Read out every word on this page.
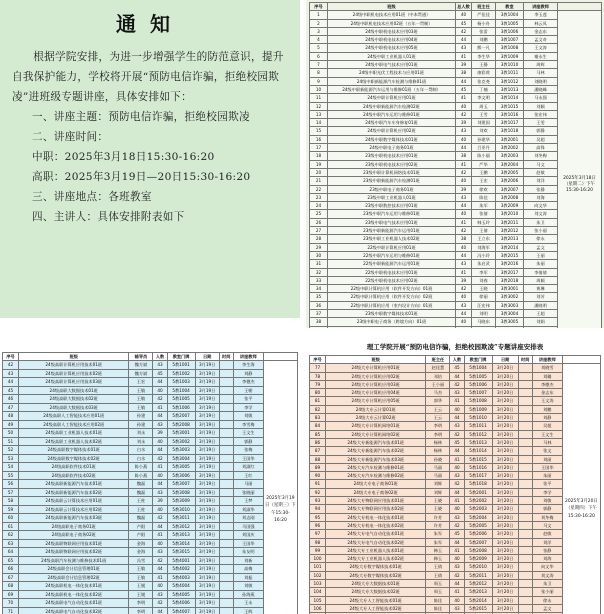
通知

根据学院安排，为进一步增强学生的防范意识，提升自我保护能力，学校将开展“预防电信诈骗，拒绝校园欺凌”进班级专题讲座，具体安排如下：

一、讲座主题：预防电信诈骗，拒绝校园欺凌

二、讲座时间：

中职：2025年3月18日15:30-16:20

高职：2025年3月19日—20日15:30-16:20

三、讲座地点：各班教室

四、主讲人：具体安排附表如下

序号	班级	总人数	班主任	教室	讲座教师	
1	24级中职机电技术应用01班（中本贯通）	40	严佳佳	3教1004	李玉莲	2025年3月18日（星期二）下午15:30-16:20
2	24级中职机电技术应用02班（五年一贯制）	45	杨小舟	3教1005	林云凤	
3	24级中职机电技术应用03班	42	张雷	3教1006	金志东	
4	24级中职机电技术应用04班	44	刘鹏	3教1007	孟文奇	
5	24级中职机电技术应用05班	43	熊一凡	3教1008	王文涛	
6	24级中职工业机器人01班	41	李生华	3教1009	谢永生	
7	24级中职电气技术应用01班	39	王静	3教1010	周辉	
8	24级中职光伏工程技术与应用01班	38	康彩荷	3教1011	马林	
9	24级中职新能源汽车检测与维修01班	44	张克尧	3教1012	刘晓明	
10	24级中职新能源汽车运用与维修01班（五年一贯制）	45	丁楠	3教1013	潘晓峰	
11	24级中职计算机应用01班	41	李文明	3教1014	马永强	
12	24级中职新能源汽车检测02班	40	周玉	3教1015	刘颖	
13	24级中职汽车运用与维修01班	42	王雪	3教1016	张宏伟	
14	24级中职汽车车身修复01班	39	刘建国	3教1017	王雯	
15	24级中职计算机应用02班	43	刘欢	3教1018	郭静	
16	24级中职数字媒体技术01班	40	孙建华	3教2001	吴超	
17	24级中职电子商务01班	44	吕亚丹	3教2002	高锋	
18	23级中职机电技术应用01班	38	陈小丽	3教2003	刘冬梅	
19	23级中职机电技术应用02班	41	严华	3教2004	马文	
20	23级中职计算机网络技术01班	42	王鹏	3教2005	赵敏	
21	23级中职新能源汽车检测01班	40	王宏	3教2006	刘洋	
22	23级中职电子商务01班	39	徐欢	3教2007	张静	
23	23级中职工业机器人01班	43	陈佳	3教2008	刘海	
24	23级中职数控技术应用01班	44	朱军	3教2009	向文华	
25	23级中职汽车运用与维修01班	40	张倩	3教2010	刘文涛	
26	23级中职电气技术应用01班	41	韩玉玲	3教2011	朱卫	
27	23级中职新能源汽车运用01班	42	王倩	3教2012	张小丽	
28	23级中职工业机器人技术02班	38	王立东	3教2013	徐永	
29	22级中职计算机应用01班	40	刘海军	3教2014	孟文	
30	22级中职汽车运用与维修01班	44	冯小玲	3教2015	王丽	
31	22级中职新能源汽车运用01班	43	朱启武	3教2016	朱丽	
32	22级中职机电技术应用01班	41	李军	3教2017	李倩倩	
33	22级中职机电技术应用02班	39	刘春	3教2018	周颖	
34	22级中职计算机应用（软件开发方向）01班	42	王晓	3教3001	黄琳	
35	22级中职计算机应用（软件开发方向）02班	40	徐丽	3教3002	刘芳	
36	22级中职计算机应用（室内设计方向）01班	43	汪宏伟	3教3003	潘晓明	
37	23级中职数字媒体技术01班	44	刘明	3教3004	王超	
38	23级中职电子商务（跨境方向）01班	40	马晓东	3教3005	刘娟	

序号	班级	辅导员	人数	教室门牌	日期	时间	讲座教师	
42	24级高职计算机应用技术01班	魏方斌	43	5教1001	3月19日		李生海	2025年3月19日（星期三）下午15:30-16:20
43	24级高职计算机应用技术02班	魏方斌	45	5教1002	3月19日		刘静	
44	24级高职计算机应用技术03班	王宏	44	5教1003	3月19日		李德杰	
45	24级高职大数据技术01班	王敏	40	5教1004	3月19日		王朝	
46	24级高职大数据技术02班	王敏	42	5教1005	3月19日		张平	
47	24级高职大数据技术03班	王敏	41	5教1006	3月19日		李学	
48	24级高职人工智能技术应用01班	孙建	44	5教2007	3月19日		刘敏	
49	24级高职人工智能技术应用02班	孙建	43	5教2008	3月19日		李雪梅	
50	24级高职工业机器人技术01班	刘永	39	5教3001	3月19日		王文生	
51	24级高职工业机器人技术02班	刘永	40	5教3002	3月19日		郭静	
52	24级高职数字媒体技术01班	白水	44	5教3003	3月19日		张梅	
53	24级高职数字媒体技术02班	白水	42	5教3004	3月19日		王国华	
54	24级高职软件技术01班	陈小燕	41	5教3005	3月19日		刘淑红	
55	24级高职软件技术02班	陈小燕	40	5教3006	3月19日		王红	
56	24级高职新能源汽车技术01班	魏磊	44	5教3007	3月19日		马丽	
57	24级高职新能源汽车技术02班	魏磊	43	5教3008	3月19日		张晓丽	
58	24级高职云计算技术应用01班	王柱	39	5教3009	3月19日		王梦	
59	24级高职云计算技术应用02班	王柱	40	5教3010	3月19日		刘淑华	
60	24级高职新能源汽车技术03班	魏磊	42	5教3011	3月19日		刘志刚	
61	24级高职电子商务01班	卢阳	44	5教3012	3月19日		马国强	
62	24级高职电子商务02班	卢阳	41	5教3013	3月19日		刘国庆	
63	24级高职物联网应用技术01班	金海	40	5教3014	3月19日		王国华	
64	24级高职物联网应用技术02班	金海	43	5教3015	3月19日		朱友明	
65	24级高职汽车检测与维修技术01班	冯雪	42	5教4001	3月19日		刘新	
66	24级高职会计信息管理01班	王敏	44	5教4002	3月19日		高梅	
67	24级高职会计信息管理02班	王敏	41	5教4003	3月19日		刘振	
68	24级高职机电一体化技术01班	王媛	40	5教4004	3月19日		刘敏	
69	24级高职机电一体化技术02班	王媛	43	5教4005	3月19日		孙海燕	
70	24级高职电气自动化技术01班	李明	42	5教4006	3月19日		王永	
71	24级高职电气自动化技术02班	李明	44	5教4007	3月19日		王辉	

理工学院开展“预防电信诈骗，拒绝校园欺凌”专题讲座安排表
序号	班级	班主任	人数	教室门牌	日期	时间	讲座教师	
77	24级大专计算机应用01班	赵佳慧	45	5教1004	3月20日		刘晓雪	2025年3月20日（星期四）下午15:30-16:20
78	24级大专计算机应用02班	邓怡	44	5教1005	3月20日		刘璐	
79	24级大专计算机应用03班	王小丽	42	5教1006	3月20日		李德杰	
80	24级大专计算机应用04班	马杰	43	5教1007	3月20日		金志东	
81	24级大专计算机应用05班	郭华	41	5教1008	3月20日		王文涛	
82	24级大专云计算01班	王云	40	5教1009	3月20日		刘鹏	
83	24级大专云计算02班	王云	44	5教1010	3月20日		刘静	
84	24级大专计算机网络01班	李明	43	5教1011	3月20日		吴超	
85	24级大专计算机网络02班	李明	42	5教1012	3月20日		王文生	
86	24级大专新能源汽车技术01班	杨林	45	5教1013	3月20日		马林	
87	24级大专新能源汽车技术02班	杨林	44	5教1014	3月20日		张文	
88	24级大专新能源汽车技术03班	孙晓	41	5教1015	3月20日		刘丽	
89	24级大专汽车检测与维修01班	马丽	40	5教1016	3月20日		王国华	
90	24级大专汽车检测与维修02班	马丽	43	5教1017	3月20日		朱丽	
91	24级大专电子商务01班	刘辉	42	5教1018	3月20日		张平	
92	24级大专电子商务02班	刘辉	44	5教2001	3月20日		李学	
93	24级大专物联网应用技术01班	王晓	41	5教2002	3月20日		刘敏	
94	24级大专物联网应用技术02班	王晓	40	5教2003	3月20日		郭静	
95	24级大专机电一体化技术01班	许芳	43	5教2004	3月20日		刘冬梅	
96	24级大专机电一体化技术02班	许芳	42	5教2005	3月20日		马文	
97	24级大专电气自动化技术01班	朱军	45	5教2006	3月20日		赵敏	
98	24级大专电气自动化技术02班	朱军	44	5教2007	3月20日		刘洋	
99	24级大专工业机器人技术01班	韩玉	41	5教2008	3月20日		张静	
100	24级大专工业机器人技术02班	韩玉	40	5教2009	3月20日		刘海	
101	24级大专数字媒体技术01班	王倩	43	5教2010	3月20日		向文华	
102	24级大专数字媒体技术02班	王倩	42	5教2011	3月20日		刘文涛	
103	24级大专大数据技术01班	周玉	44	5教2012	3月20日		朱卫	
104	24级大专大数据技术02班	周玉	41	5教2013	3月20日		张小丽	
105	24级大专人工智能技术01班	陈佳	40	5教2014	3月20日		徐永	
106	24级大专人工智能技术02班	陈佳	43	5教2015	3月20日		孟文	
